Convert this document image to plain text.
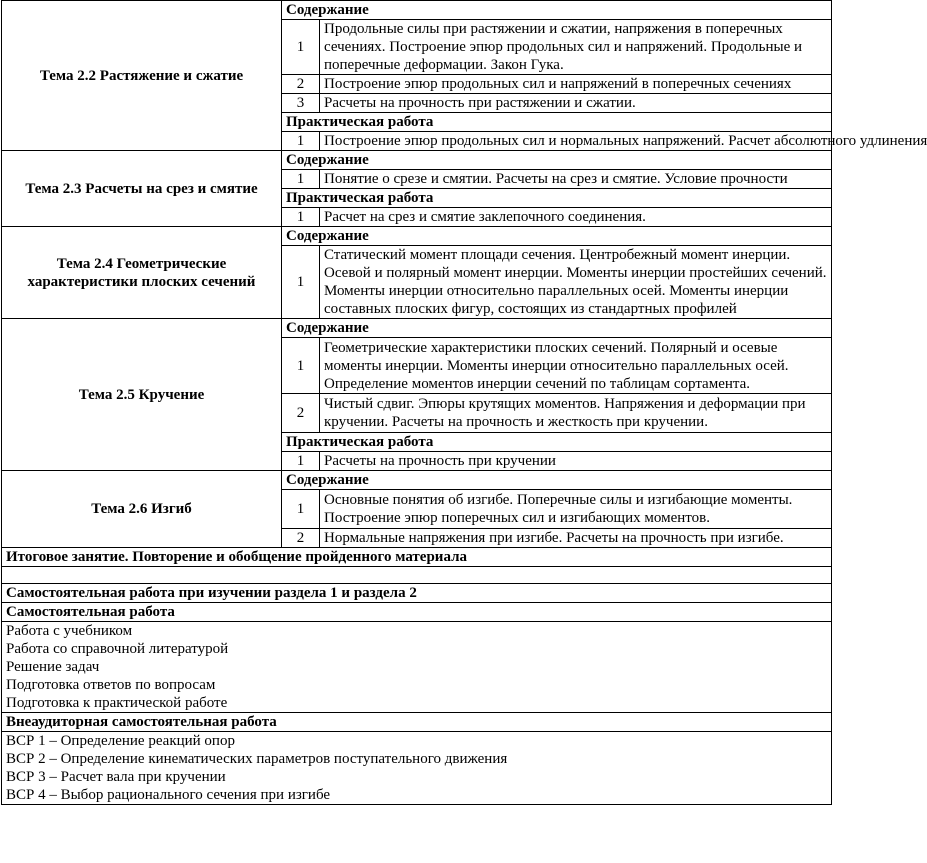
Тема 2.2 Растяжение и сжатие	Содержание	
	1	Продольные силы при растяжении и сжатии, напряжения в поперечных сечениях. Построение эпюр продольных сил и напряжений. Продольные и поперечные деформации. Закон Гука.
	2	Построение эпюр продольных сил и напряжений в поперечных сечениях
	3	Расчеты на прочность при растяжении и сжатии.
	Практическая работа	
	1	Построение эпюр продольных сил и нормальных напряжений. Расчет абсолютного удлинения

Тема 2.3 Расчеты на срез и смятие	Содержание	
	1	Понятие о срезе и смятии. Расчеты на срез и смятие. Условие прочности
	Практическая работа	
	1	Расчет на срез и смятие заклепочного соединения.
Тема 2.4 Геометрические характеристики плоских сечений	Содержание	
	1	Статический момент площади сечения. Центробежный момент инерции. Осевой и полярный момент инерции. Моменты инерции простейших сечений. Моменты инерции относительно параллельных осей. Моменты инерции составных плоских фигур, состоящих из стандартных профилей
Тема 2.5 Кручение	Содержание	
	1	Геометрические характеристики плоских сечений. Полярный и осевые моменты инерции. Моменты инерции относительно параллельных осей. Определение моментов инерции сечений по таблицам сортамента.
	2	Чистый сдвиг. Эпюры крутящих моментов. Напряжения и деформации при кручении. Расчеты на прочность и жесткость при кручении.
	Практическая работа	
	1	Расчеты на прочность при кручении
Тема 2.6 Изгиб	Содержание	
	1	Основные понятия об изгибе. Поперечные силы и изгибающие моменты. Построение эпюр поперечных сил и изгибающих моментов.
	2	Нормальные напряжения при изгибе. Расчеты на прочность при изгибе.
Итоговое занятие. Повторение и обобщение пройденного материала		

Самостоятельная работа при изучении раздела 1 и раздела 2		
Самостоятельная работа		

Работа с учебником
Работа со справочной литературой
Решение задач
Подготовка ответов по вопросам
Подготовка к практической работе		

Внеаудиторная самостоятельная работа		

ВСР 1 – Определение реакций опор
ВСР 2 – Определение кинематических параметров поступательного движения
ВСР 3 – Расчет вала при кручении
ВСР 4 – Выбор рационального сечения при изгибе		
